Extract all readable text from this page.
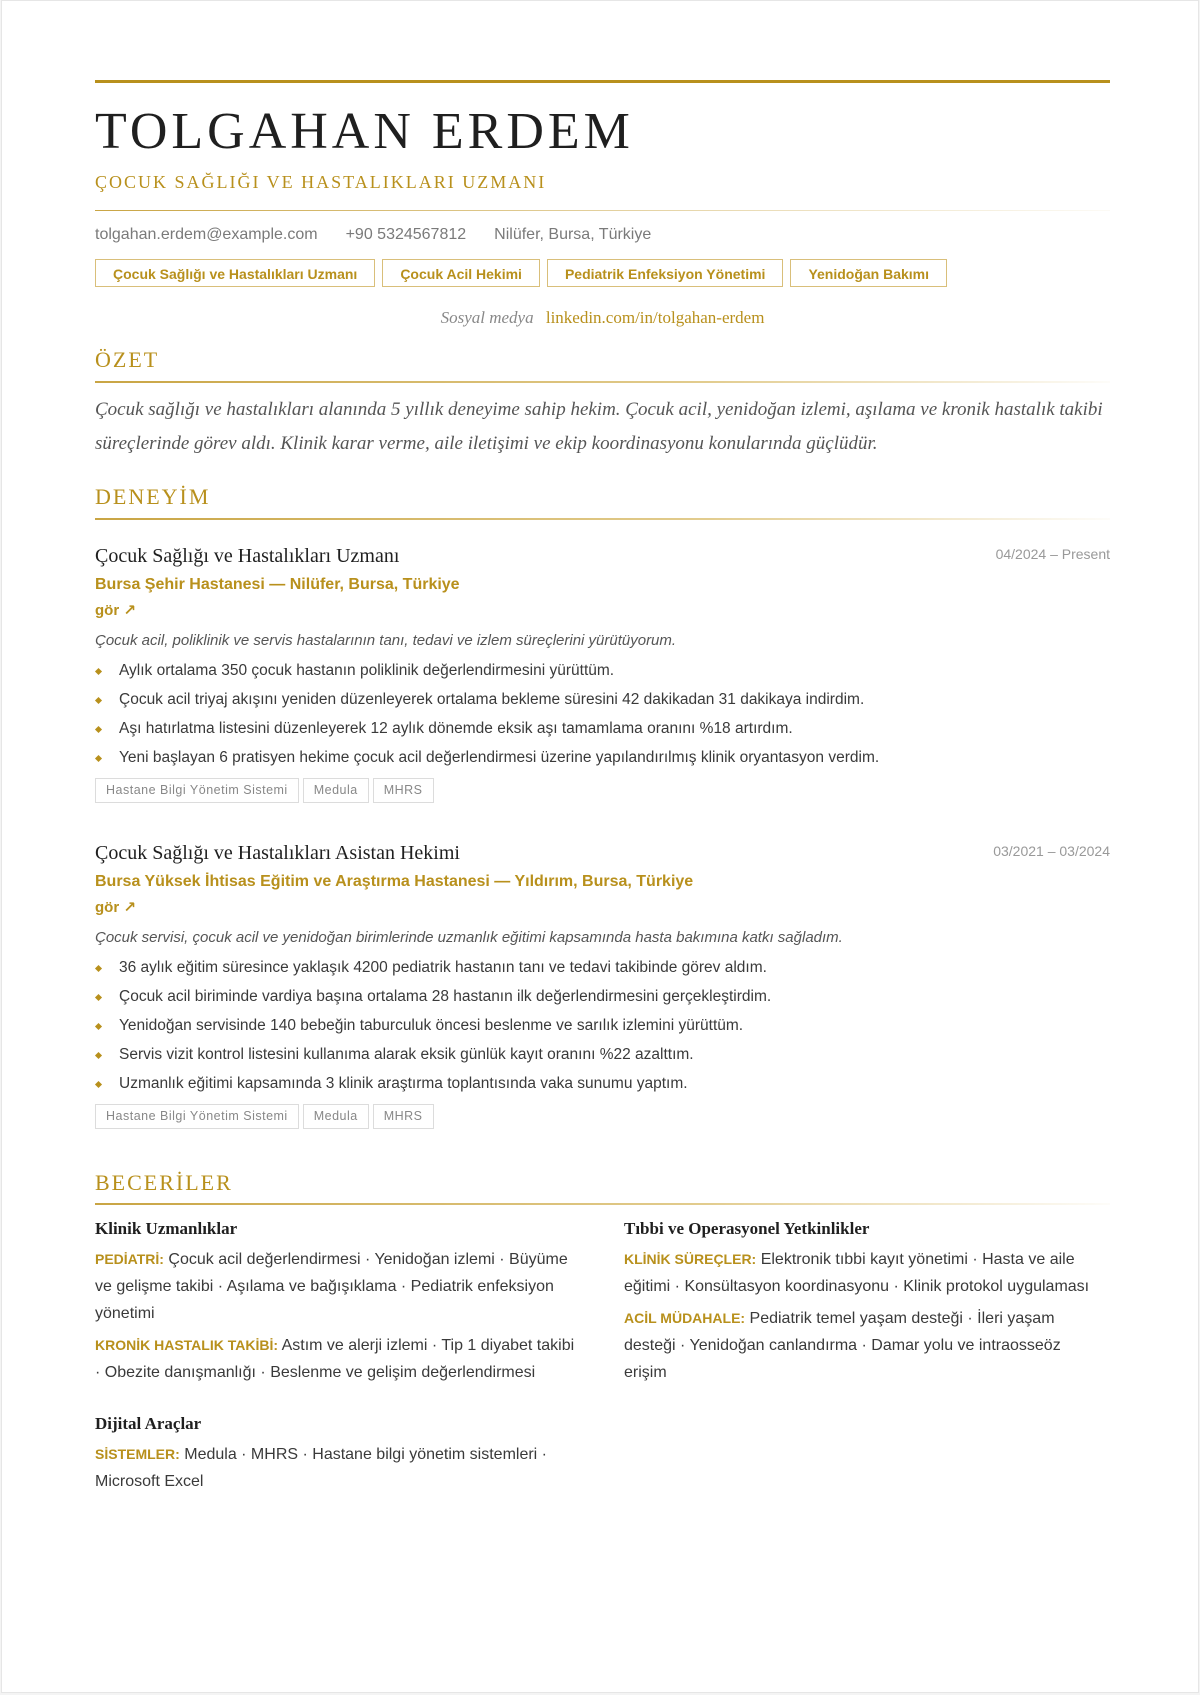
TOLGAHAN ERDEM
ÇOCUK SAĞLIĞI VE HASTALIKLARI UZMANI
tolgahan.erdem@example.com +90 5324567812 Nilüfer, Bursa, Türkiye
Çocuk Sağlığı ve Hastalıkları Uzmanı	Çocuk Acil Hekimi	Pediatrik Enfeksiyon Yönetimi	Yenidoğan Bakımı
Sosyal medya linkedin.com/in/tolgahan-erdem
ÖZET
Çocuk sağlığı ve hastalıkları alanında 5 yıllık deneyime sahip hekim. Çocuk acil, yenidoğan izlemi, aşılama ve kronik hastalık takibi süreçlerinde görev aldı. Klinik karar verme, aile iletişimi ve ekip koordinasyonu konularında güçlüdür.
DENEYİM
Çocuk Sağlığı ve Hastalıkları Uzmanı	04/2024 – Present
Bursa Şehir Hastanesi — Nilüfer, Bursa, Türkiye
gör ↗
Çocuk acil, poliklinik ve servis hastalarının tanı, tedavi ve izlem süreçlerini yürütüyorum.
Aylık ortalama 350 çocuk hastanın poliklinik değerlendirmesini yürüttüm.
Çocuk acil triyaj akışını yeniden düzenleyerek ortalama bekleme süresini 42 dakikadan 31 dakikaya indirdim.
Aşı hatırlatma listesini düzenleyerek 12 aylık dönemde eksik aşı tamamlama oranını %18 artırdım.
Yeni başlayan 6 pratisyen hekime çocuk acil değerlendirmesi üzerine yapılandırılmış klinik oryantasyon verdim.
Hastane Bilgi Yönetim Sistemi	Medula	MHRS
Çocuk Sağlığı ve Hastalıkları Asistan Hekimi	03/2021 – 03/2024
Bursa Yüksek İhtisas Eğitim ve Araştırma Hastanesi — Yıldırım, Bursa, Türkiye
gör ↗
Çocuk servisi, çocuk acil ve yenidoğan birimlerinde uzmanlık eğitimi kapsamında hasta bakımına katkı sağladım.
36 aylık eğitim süresince yaklaşık 4200 pediatrik hastanın tanı ve tedavi takibinde görev aldım.
Çocuk acil biriminde vardiya başına ortalama 28 hastanın ilk değerlendirmesini gerçekleştirdim.
Yenidoğan servisinde 140 bebeğin taburculuk öncesi beslenme ve sarılık izlemini yürüttüm.
Servis vizit kontrol listesini kullanıma alarak eksik günlük kayıt oranını %22 azalttım.
Uzmanlık eğitimi kapsamında 3 klinik araştırma toplantısında vaka sunumu yaptım.
Hastane Bilgi Yönetim Sistemi	Medula	MHRS
BECERİLER
Klinik Uzmanlıklar
PEDİATRİ: Çocuk acil değerlendirmesi · Yenidoğan izlemi · Büyüme ve gelişme takibi · Aşılama ve bağışıklama · Pediatrik enfeksiyon yönetimi
KRONİK HASTALIK TAKİBİ: Astım ve alerji izlemi · Tip 1 diyabet takibi · Obezite danışmanlığı · Beslenme ve gelişim değerlendirmesi
Tıbbi ve Operasyonel Yetkinlikler
KLİNİK SÜREÇLER: Elektronik tıbbi kayıt yönetimi · Hasta ve aile eğitimi · Konsültasyon koordinasyonu · Klinik protokol uygulaması
ACİL MÜDAHALE: Pediatrik temel yaşam desteği · İleri yaşam desteği · Yenidoğan canlandırma · Damar yolu ve intraosseöz erişim
Dijital Araçlar
SİSTEMLER: Medula · MHRS · Hastane bilgi yönetim sistemleri · Microsoft Excel
